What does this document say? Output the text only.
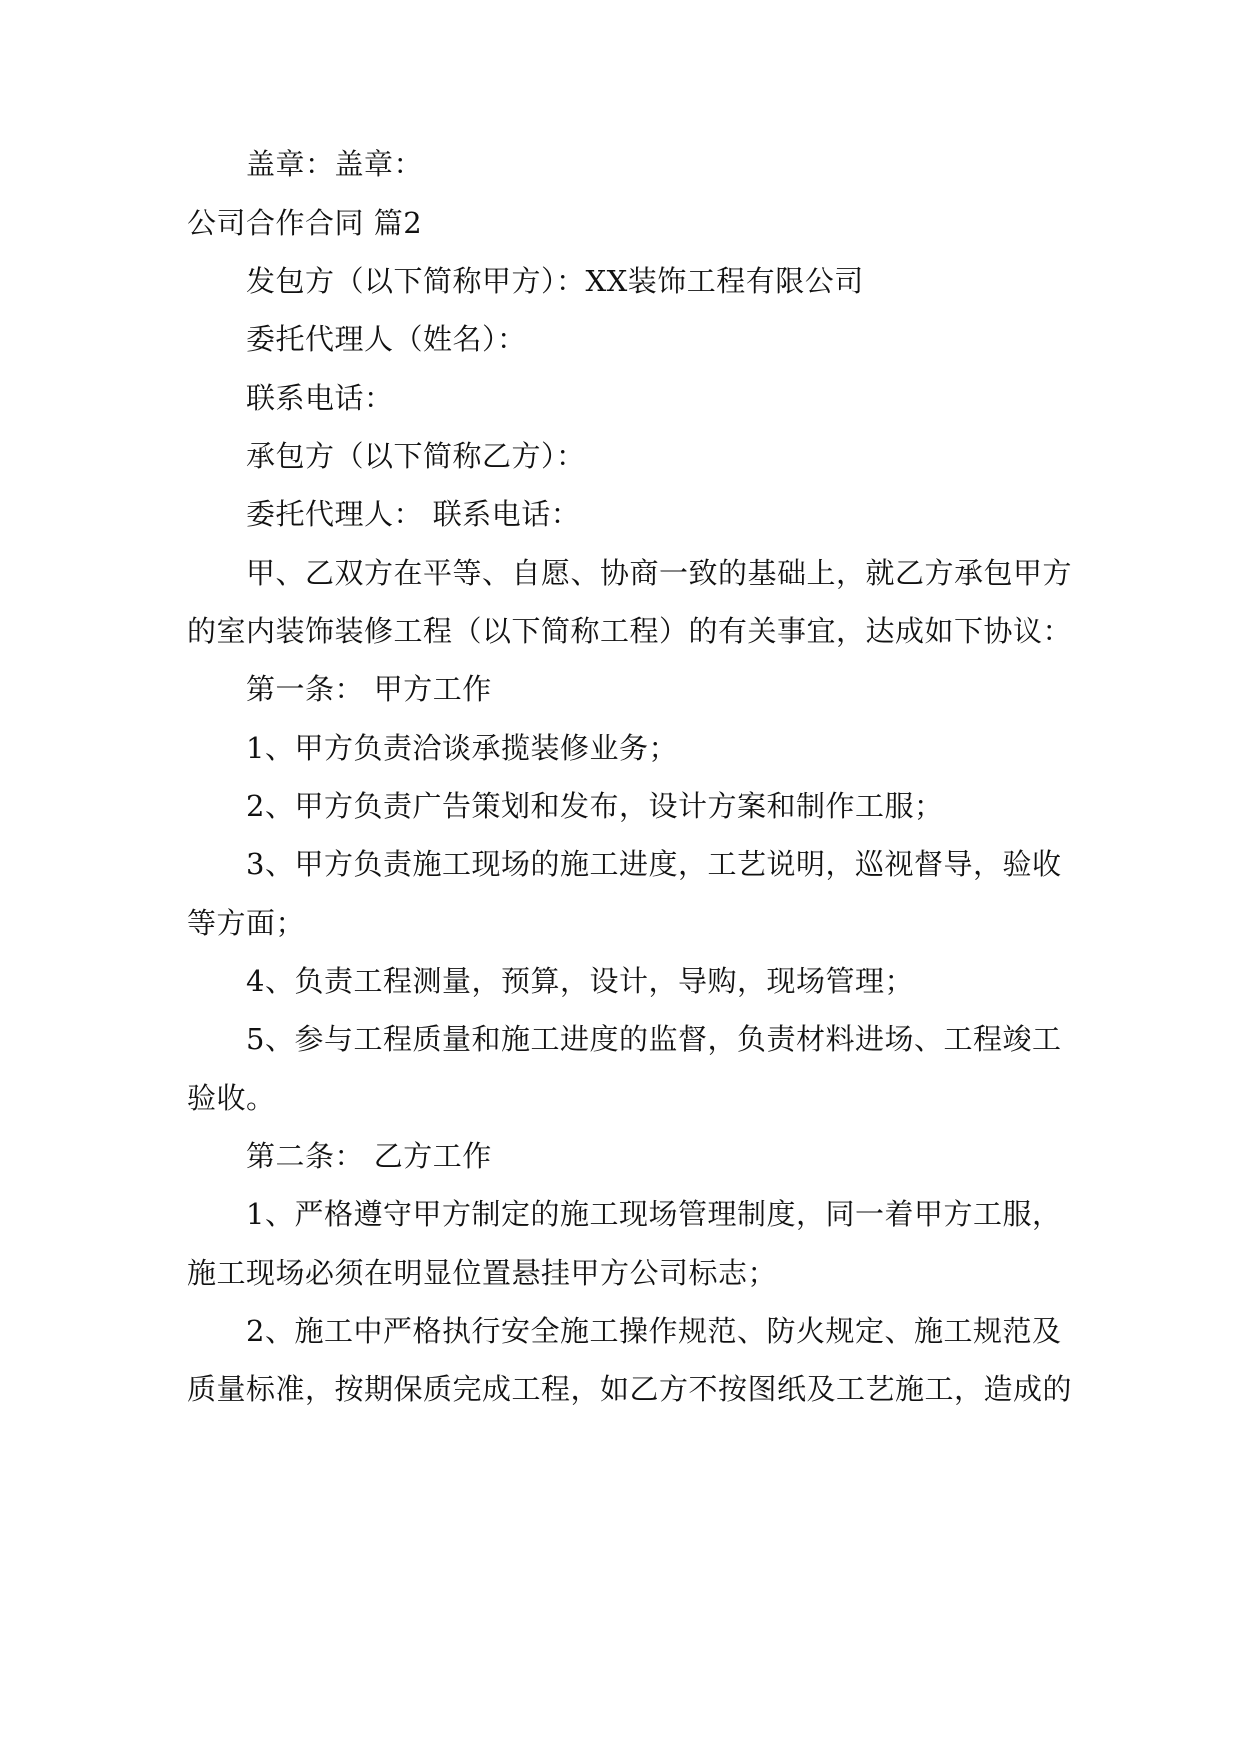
盖章：盖章：
公司合作合同 篇2
发包方（以下简称甲方）：XX装饰工程有限公司
委托代理人（姓名）：
联系电话：
承包方（以下简称乙方）：
委托代理人： 联系电话：
甲、乙双方在平等、自愿、协商一致的基础上，就乙方承包甲方
的室内装饰装修工程（以下简称工程）的有关事宜，达成如下协议：
第一条： 甲方工作
1、甲方负责洽谈承揽装修业务；
2、甲方负责广告策划和发布，设计方案和制作工服；
3、甲方负责施工现场的施工进度，工艺说明，巡视督导，验收
等方面；
4、负责工程测量，预算，设计，导购，现场管理；
5、参与工程质量和施工进度的监督，负责材料进场、工程竣工
验收。
第二条： 乙方工作
1、严格遵守甲方制定的施工现场管理制度，同一着甲方工服，
施工现场必须在明显位置悬挂甲方公司标志；
2、施工中严格执行安全施工操作规范、防火规定、施工规范及
质量标准，按期保质完成工程，如乙方不按图纸及工艺施工，造成的
